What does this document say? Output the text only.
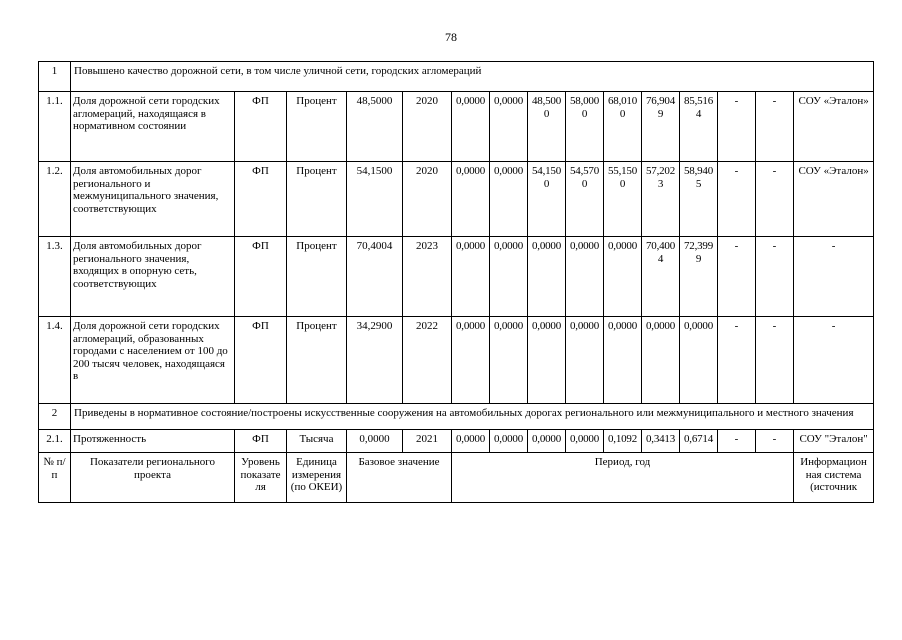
78
1	Повышено качество дорожной сети, в том числе уличной сети, городских агломераций														
1.1.	Доля дорожной сети городских агломераций, находящаяся в нормативном состоянии	ФП	Процент	48,5000	2020	0,0000	0,0000	48,5000	58,0000	68,0100	76,9049	85,5164	-	-	СОУ «Эталон»
1.2.	Доля автомобильных дорог регионального и межмуниципального значения, соответствующих	ФП	Процент	54,1500	2020	0,0000	0,0000	54,1500	54,5700	55,1500	57,2023	58,9405	-	-	СОУ «Эталон»
1.3.	Доля автомобильных дорог регионального значения, входящих в опорную сеть, соответствующих	ФП	Процент	70,4004	2023	0,0000	0,0000	0,0000	0,0000	0,0000	70,4004	72,3999	-	-	-
1.4.	Доля дорожной сети городских агломераций, образованных городами с населением от 100 до 200 тысяч человек, находящаяся в	ФП	Процент	34,2900	2022	0,0000	0,0000	0,0000	0,0000	0,0000	0,0000	0,0000	-	-	-
2	Приведены в нормативное состояние/построены искусственные сооружения на автомобильных дорогах регионального или межмуниципального и местного значения														
2.1.	Протяженность	ФП	Тысяча	0,0000	2021	0,0000	0,0000	0,0000	0,0000	0,1092	0,3413	0,6714	-	-	СОУ "Эталон"
№ п/п	Показатели регионального проекта	Уровень показате ля	Единица измерения (по ОКЕИ)	Базовое значение		Период, год									Информацион ная система (источник
